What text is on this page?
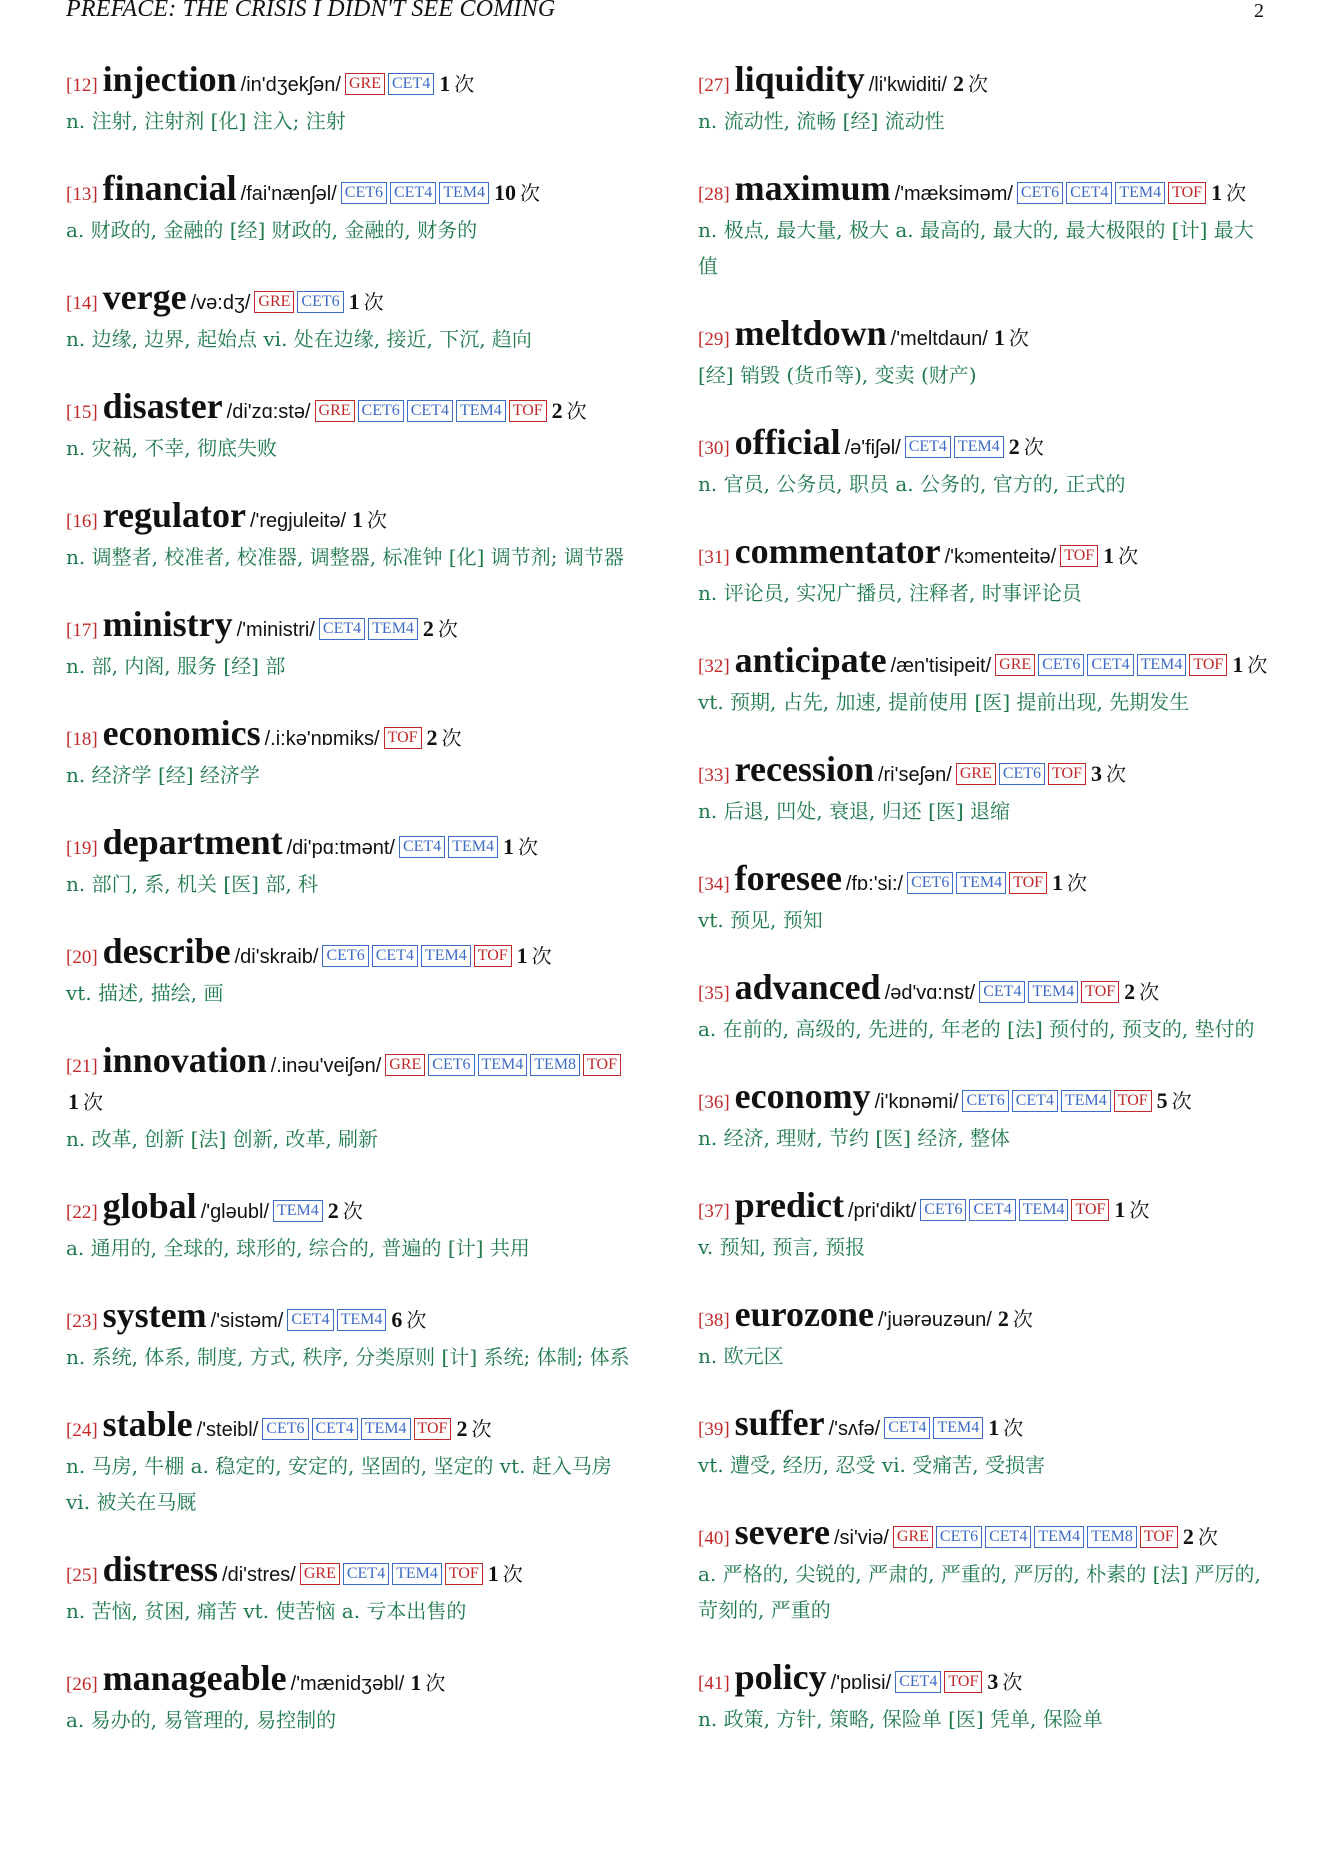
PREFACE: THE CRISIS I DIDN'T SEE COMING	2
[12] injection /in'dʒekʃən/ GRE CET4 1 次
n. 注射, 注射剂 [化] 注入; 注射
[13] financial /fai'nænʃəl/ CET6 CET4 TEM4 10 次
a. 财政的, 金融的 [经] 财政的, 金融的, 财务的
[14] verge /və:dʒ/ GRE CET6 1 次
n. 边缘, 边界, 起始点 vi. 处在边缘, 接近, 下沉, 趋向
[15] disaster /di'zɑ:stə/ GRE CET6 CET4 TEM4 TOF 2 次
n. 灾祸, 不幸, 彻底失败
[16] regulator /'regjuleitə/ 1 次
n. 调整者, 校准者, 校准器, 调整器, 标准钟 [化] 调节剂; 调节器
[17] ministry /'ministri/ CET4 TEM4 2 次
n. 部, 内阁, 服务 [经] 部
[18] economics /.i:kə'nɒmiks/ TOF 2 次
n. 经济学 [经] 经济学
[19] department /di'pɑ:tmənt/ CET4 TEM4 1 次
n. 部门, 系, 机关 [医] 部, 科
[20] describe /di'skraib/ CET6 CET4 TEM4 TOF 1 次
vt. 描述, 描绘, 画
[21] innovation /.inəu'veiʃən/ GRE CET6 TEM4 TEM8 TOF1 次
n. 改革, 创新 [法] 创新, 改革, 刷新
[22] global /'gləubl/ TEM4 2 次
a. 通用的, 全球的, 球形的, 综合的, 普遍的 [计] 共用
[23] system /'sistəm/ CET4 TEM4 6 次
n. 系统, 体系, 制度, 方式, 秩序, 分类原则 [计] 系统; 体制; 体系
[24] stable /'steibl/ CET6 CET4 TEM4 TOF 2 次
n. 马房, 牛棚 a. 稳定的, 安定的, 坚固的, 坚定的 vt. 赶入马房 vi. 被关在马厩
[25] distress /di'stres/ GRE CET4 TEM4 TOF 1 次
n. 苦恼, 贫困, 痛苦 vt. 使苦恼 a. 亏本出售的
[26] manageable /'mænidʒəbl/ 1 次
a. 易办的, 易管理的, 易控制的
[27] liquidity /li'kwiditi/ 2 次
n. 流动性, 流畅 [经] 流动性
[28] maximum /'mæksiməm/ CET6 CET4 TEM4 TOF 1 次
n. 极点, 最大量, 极大 a. 最高的, 最大的, 最大极限的 [计] 最大值
[29] meltdown /'meltdaun/ 1 次
[经] 销毁 (货币等), 变卖 (财产)
[30] official /ə'fiʃəl/ CET4 TEM4 2 次
n. 官员, 公务员, 职员 a. 公务的, 官方的, 正式的
[31] commentator /'kɔmenteitə/ TOF 1 次
n. 评论员, 实况广播员, 注释者, 时事评论员
[32] anticipate /æn'tisipeit/ GRE CET6 CET4 TEM4 TOF 1 次
vt. 预期, 占先, 加速, 提前使用 [医] 提前出现, 先期发生
[33] recession /ri'seʃən/ GRE CET6 TOF 3 次
n. 后退, 凹处, 衰退, 归还 [医] 退缩
[34] foresee /fɒ:'si:/ CET6 TEM4 TOF 1 次
vt. 预见, 预知
[35] advanced /əd'vɑ:nst/ CET4 TEM4 TOF 2 次
a. 在前的, 高级的, 先进的, 年老的 [法] 预付的, 预支的, 垫付的
[36] economy /i'kɒnəmi/ CET6 CET4 TEM4 TOF 5 次
n. 经济, 理财, 节约 [医] 经济, 整体
[37] predict /pri'dikt/ CET6 CET4 TEM4 TOF 1 次
v. 预知, 预言, 预报
[38] eurozone /'juərəuzəun/ 2 次
n. 欧元区
[39] suffer /'sʌfə/ CET4 TEM4 1 次
vt. 遭受, 经历, 忍受 vi. 受痛苦, 受损害
[40] severe /si'viə/ GRE CET6 CET4 TEM4 TEM8 TOF 2 次
a. 严格的, 尖锐的, 严肃的, 严重的, 严厉的, 朴素的 [法] 严厉的, 苛刻的, 严重的
[41] policy /'pɒlisi/ CET4 TOF 3 次
n. 政策, 方针, 策略, 保险单 [医] 凭单, 保险单
